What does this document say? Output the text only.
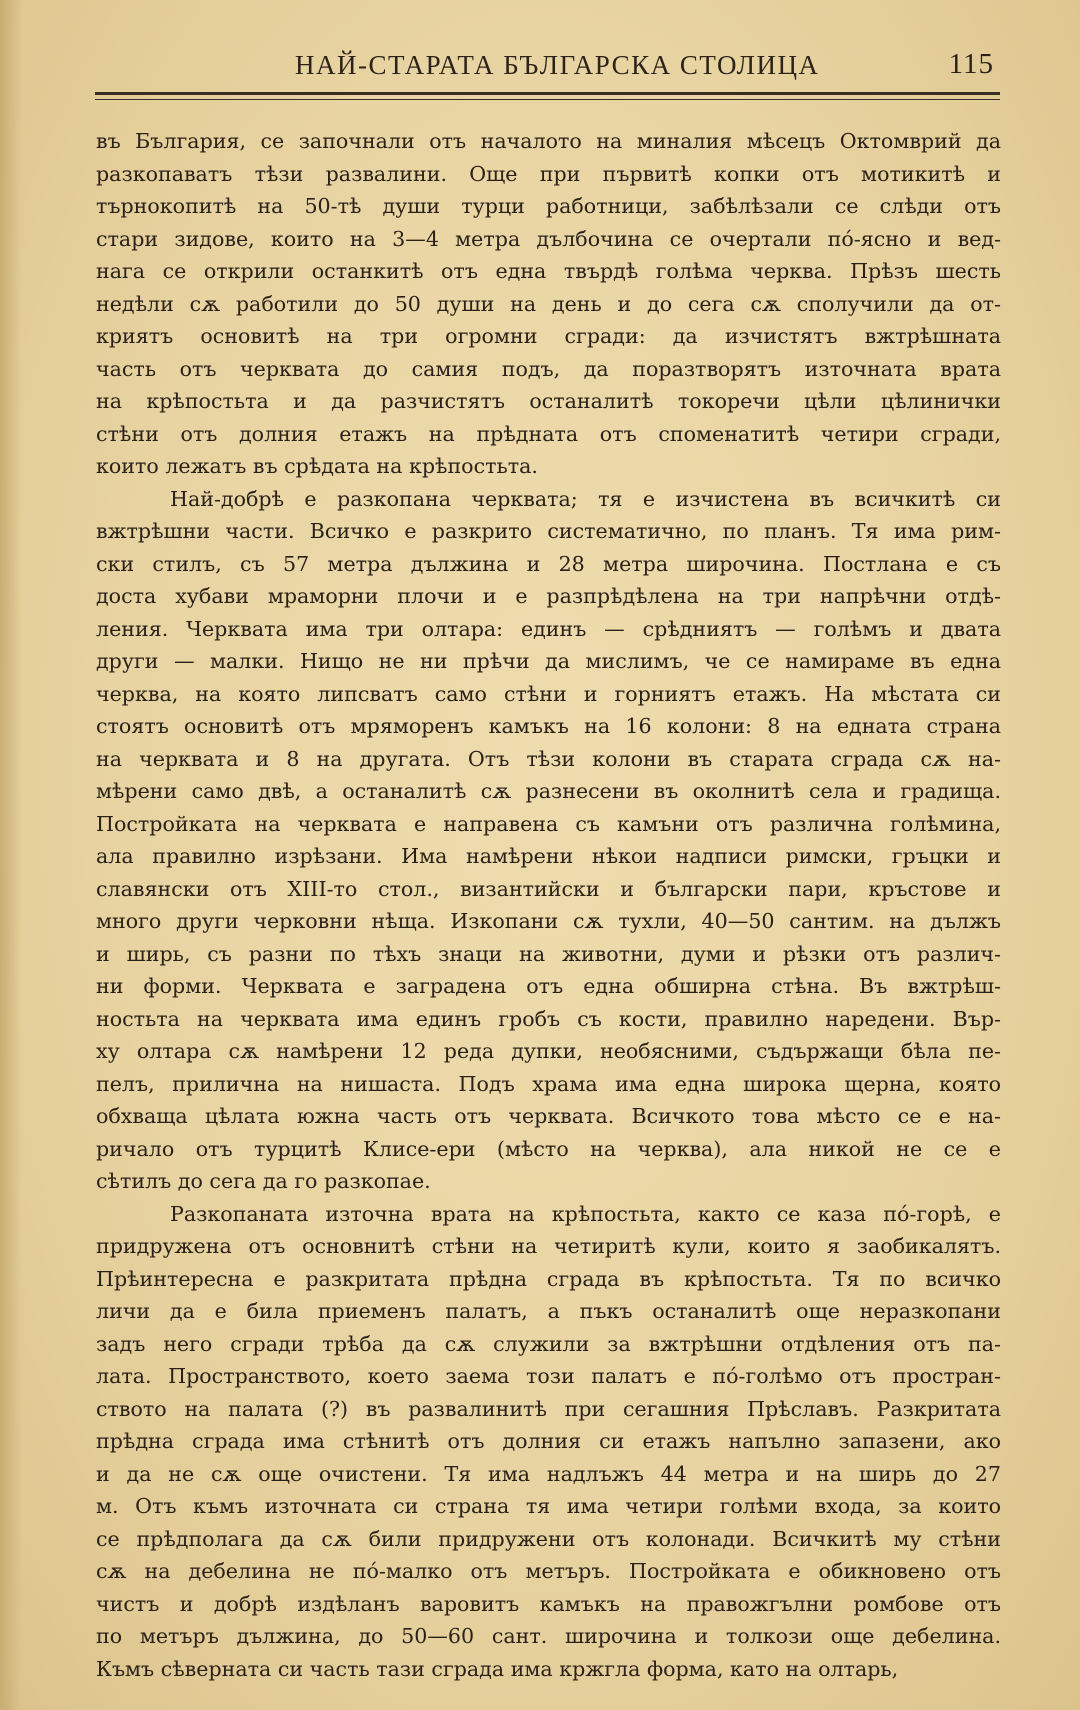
НАЙ-СТАРАТА БЪЛГАРСКА СТОЛИЦА	115
въ България, се започнали отъ началото на миналия мѣсецъ Октомврий да
разкопаватъ тѣзи развалини. Още при първитѣ копки отъ мотикитѣ и
търнокопитѣ на 50-тѣ души турци работници, забѣлѣзали се слѣди отъ
стари зидове, които на 3—4 метра дълбочина се очертали по́-ясно и вед-
нага се открили останкитѣ отъ една твърдѣ голѣма черква. Прѣзъ шесть
недѣли сѫ работили до 50 души на день и до сега сѫ сполучили да от-
криятъ основитѣ на три огромни сгради: да изчистятъ вжтрѣшната
часть отъ черквата до самия подъ, да поразтворятъ източната врата
на крѣпостьта и да разчистятъ останалитѣ токоречи цѣли цѣлинички
стѣни отъ долния етажъ на прѣдната отъ споменатитѣ четири сгради,
които лежатъ въ срѣдата на крѣпостьта.
Най-добрѣ е разкопана черквата; тя е изчистена въ всичкитѣ си
вжтрѣшни части. Всичко е разкрито систематично, по планъ. Тя има рим-
ски стилъ, съ 57 метра дължина и 28 метра широчина. Постлана е съ
доста хубави мраморни плочи и е разпрѣдѣлена на три напрѣчни отдѣ-
ления. Черквата има три олтара: единъ — срѣдниятъ — голѣмъ и двата
други — малки. Нищо не ни прѣчи да мислимъ, че се намираме въ една
черква, на която липсватъ само стѣни и горниятъ етажъ. На мѣстата си
стоятъ основитѣ отъ мряморенъ камъкъ на 16 колони: 8 на едната страна
на черквата и 8 на другата. Отъ тѣзи колони въ старата сграда сѫ на-
мѣрени само двѣ, а останалитѣ сѫ разнесени въ околнитѣ села и градища.
Постройката на черквата е направена съ камъни отъ различна голѣмина,
ала правилно изрѣзани. Има намѣрени нѣкои надписи римски, гръцки и
славянски отъ XIII-то стол., византийски и български пари, кръстове и
много други черковни нѣща. Изкопани сѫ тухли, 40—50 сантим. на дължъ
и ширь, съ разни по тѣхъ знаци на животни, думи и рѣзки отъ различ-
ни форми. Черквата е заградена отъ една обширна стѣна. Въ вжтрѣш-
ностьта на черквата има единъ гробъ съ кости, правилно наредени. Вър-
ху олтара сѫ намѣрени 12 реда дупки, необясними, съдържащи бѣла пе-
пелъ, прилична на нишаста. Подъ храма има една широка щерна, която
обхваща цѣлата южна часть отъ черквата. Всичкото това мѣсто се е на-
ричало отъ турцитѣ Клисе-ери (мѣсто на черква), ала никой не се е
сѣтилъ до сега да го разкопае.
Разкопаната източна врата на крѣпостьта, както се каза по́-горѣ, е
придружена отъ основнитѣ стѣни на четиритѣ кули, които я заобикалятъ.
Прѣинтересна е разкритата прѣдна сграда въ крѣпостьта. Тя по всичко
личи да е била приеменъ палатъ, а пъкъ останалитѣ още неразкопани
задъ него сгради трѣба да сѫ служили за вжтрѣшни отдѣления отъ па-
лата. Пространството, което заема този палатъ е по́-голѣмо отъ простран-
ството на палата (?) въ развалинитѣ при сегашния Прѣславъ. Разкритата
прѣдна сграда има стѣнитѣ отъ долния си етажъ напълно запазени, ако
и да не сѫ още очистени. Тя има надлъжъ 44 метра и на ширь до 27
м. Отъ къмъ източната си страна тя има четири голѣми входа, за които
се прѣдполага да сѫ били придружени отъ колонади. Всичкитѣ му стѣни
сѫ на дебелина не по́-малко отъ метъръ. Постройката е обикновено отъ
чистъ и добрѣ издѣланъ варовитъ камъкъ на правожгълни ромбове отъ
по метъръ дължина, до 50—60 сант. широчина и толкози още дебелина.
Къмъ сѣверната си часть тази сграда има кржгла форма, като на олтарь,
